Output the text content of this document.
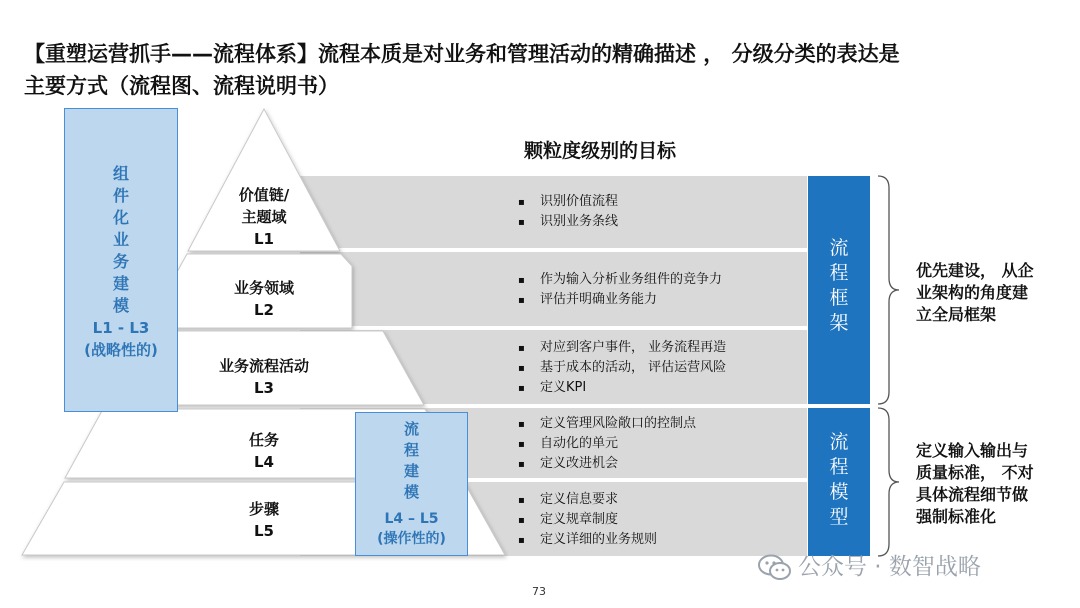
【重塑运营抓手——流程体系】流程本质是对业务和管理活动的精确描述 ， 分级分类的表达是
主要方式（流程图、流程说明书）
颗粒度级别的目标
▪ 识别价值流程
▪ 识别业务条线
▪ 作为输入分析业务组件的竞争力
▪ 评估并明确业务能力
▪ 对应到客户事件， 业务流程再造
▪ 基于成本的活动， 评估运营风险
▪ 定义KPI
▪ 定义管理风险敞口的控制点
▪ 自动化的单元
▪ 定义改进机会
▪ 定义信息要求
▪ 定义规章制度
▪ 定义详细的业务规则
价值链/
主题域
L1
业务领域
L2
业务流程活动
L3
任务
L4
步骤
L5
组
件
化
业
务
建
模
L1 - L3
(战略性的)
流
程
建
模
L4 – L5
(操作性的)
流
程
框
架
流
程
模
型
优先建设， 从企
业架构的角度建
立全局框架
定义输入输出与
质量标准， 不对
具体流程细节做
强制标准化
73
公众号 · 数智战略
